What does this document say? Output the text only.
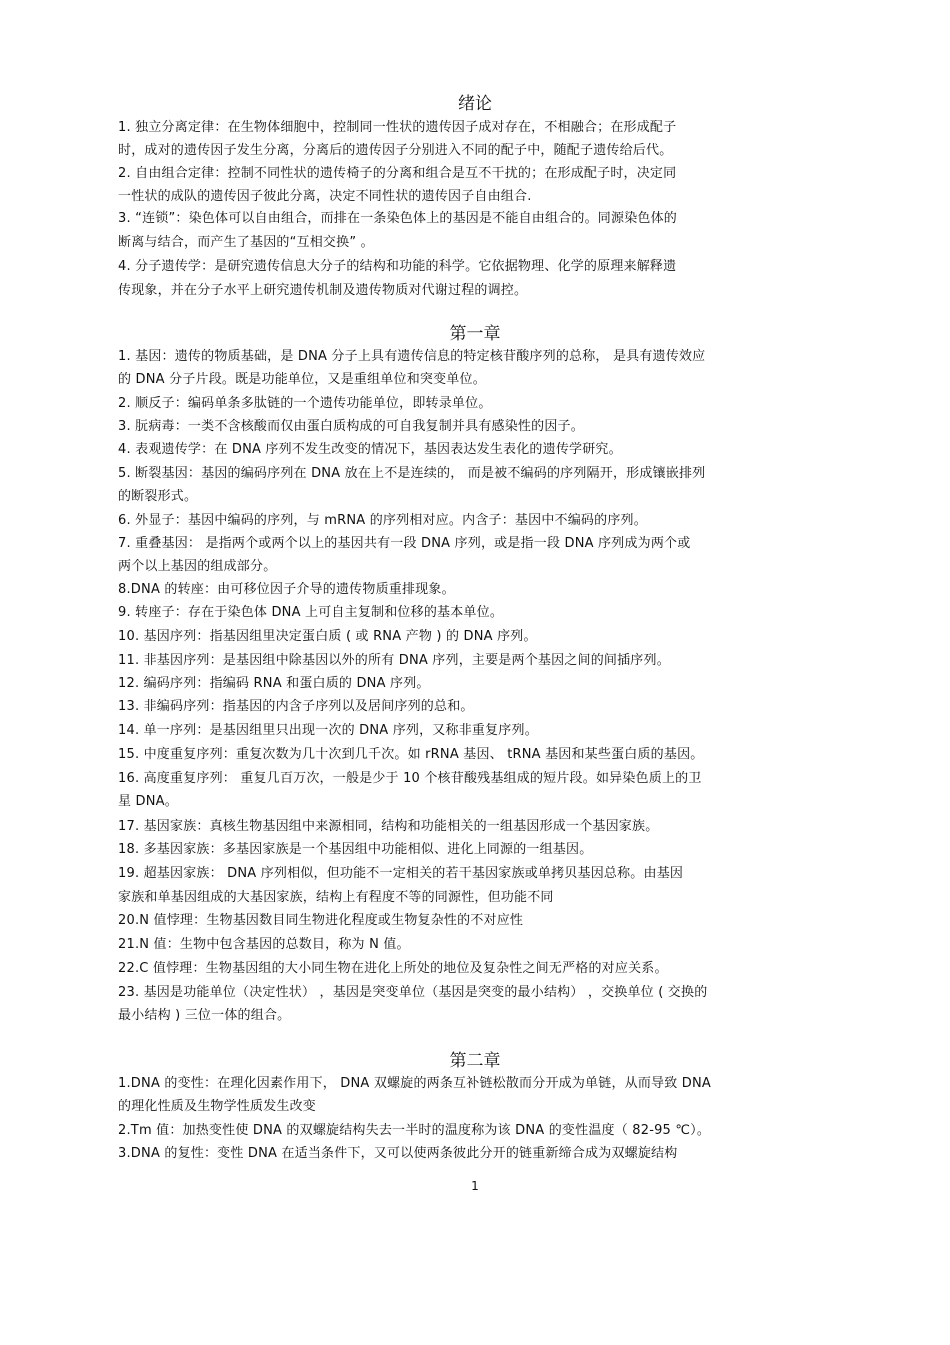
绪论
1. 独立分离定律：在生物体细胞中，控制同一性状的遗传因子成对存在，不相融合；在形成配子
时，成对的遗传因子发生分离，分离后的遗传因子分别进入不同的配子中，随配子遗传给后代。
2. 自由组合定律：控制不同性状的遗传椅子的分离和组合是互不干扰的；在形成配子时，决定同
一性状的成队的遗传因子彼此分离，决定不同性状的遗传因子自由组合.
3. “连锁”：染色体可以自由组合，而排在一条染色体上的基因是不能自由组合的。同源染色体的
断离与结合，而产生了基因的“互相交换” 。
4. 分子遗传学：是研究遗传信息大分子的结构和功能的科学。它依据物理、化学的原理来解释遗
传现象，并在分子水平上研究遗传机制及遗传物质对代谢过程的调控。
第一章
1. 基因：遗传的物质基础，是 DNA 分子上具有遗传信息的特定核苷酸序列的总称， 是具有遗传效应
的 DNA 分子片段。既是功能单位，又是重组单位和突变单位。
2. 顺反子：编码单条多肽链的一个遗传功能单位，即转录单位。
3. 朊病毒：一类不含核酸而仅由蛋白质构成的可自我复制并具有感染性的因子。
4. 表观遗传学：在 DNA 序列不发生改变的情况下，基因表达发生表化的遗传学研究。
5. 断裂基因：基因的编码序列在 DNA 放在上不是连续的， 而是被不编码的序列隔开，形成镶嵌排列
的断裂形式。
6. 外显子：基因中编码的序列，与 mRNA 的序列相对应。内含子：基因中不编码的序列。
7. 重叠基因： 是指两个或两个以上的基因共有一段 DNA 序列，或是指一段 DNA 序列成为两个或
两个以上基因的组成部分。
8.DNA 的转座：由可移位因子介导的遗传物质重排现象。
9. 转座子：存在于染色体 DNA 上可自主复制和位移的基本单位。
10. 基因序列：指基因组里决定蛋白质 ( 或 RNA 产物 ) 的 DNA 序列。
11. 非基因序列：是基因组中除基因以外的所有 DNA 序列，主要是两个基因之间的间插序列。
12. 编码序列：指编码 RNA 和蛋白质的 DNA 序列。
13. 非编码序列：指基因的内含子序列以及居间序列的总和。
14. 单一序列：是基因组里只出现一次的 DNA 序列，又称非重复序列。
15. 中度重复序列：重复次数为几十次到几千次。如 rRNA 基因、 tRNA 基因和某些蛋白质的基因。
16. 高度重复序列： 重复几百万次，一般是少于 10 个核苷酸残基组成的短片段。如异染色质上的卫
星 DNA。
17. 基因家族：真核生物基因组中来源相同，结构和功能相关的一组基因形成一个基因家族。
18. 多基因家族：多基因家族是一个基因组中功能相似、进化上同源的一组基因。
19. 超基因家族： DNA 序列相似，但功能不一定相关的若干基因家族或单拷贝基因总称。由基因
家族和单基因组成的大基因家族，结构上有程度不等的同源性，但功能不同
20.N 值悖理：生物基因数目同生物进化程度或生物复杂性的不对应性
21.N 值：生物中包含基因的总数目，称为 N 值。
22.C 值悖理：生物基因组的大小同生物在进化上所处的地位及复杂性之间无严格的对应关系。
23. 基因是功能单位（决定性状） ，基因是突变单位（基因是突变的最小结构） ，交换单位 ( 交换的
最小结构 ) 三位一体的组合。
第二章
1.DNA 的变性：在理化因素作用下， DNA 双螺旋的两条互补链松散而分开成为单链，从而导致 DNA
的理化性质及生物学性质发生改变
2.Tm 值：加热变性使 DNA 的双螺旋结构失去一半时的温度称为该 DNA 的变性温度（ 82-95 ℃）。
3.DNA 的复性：变性 DNA 在适当条件下，又可以使两条彼此分开的链重新缔合成为双螺旋结构
1
